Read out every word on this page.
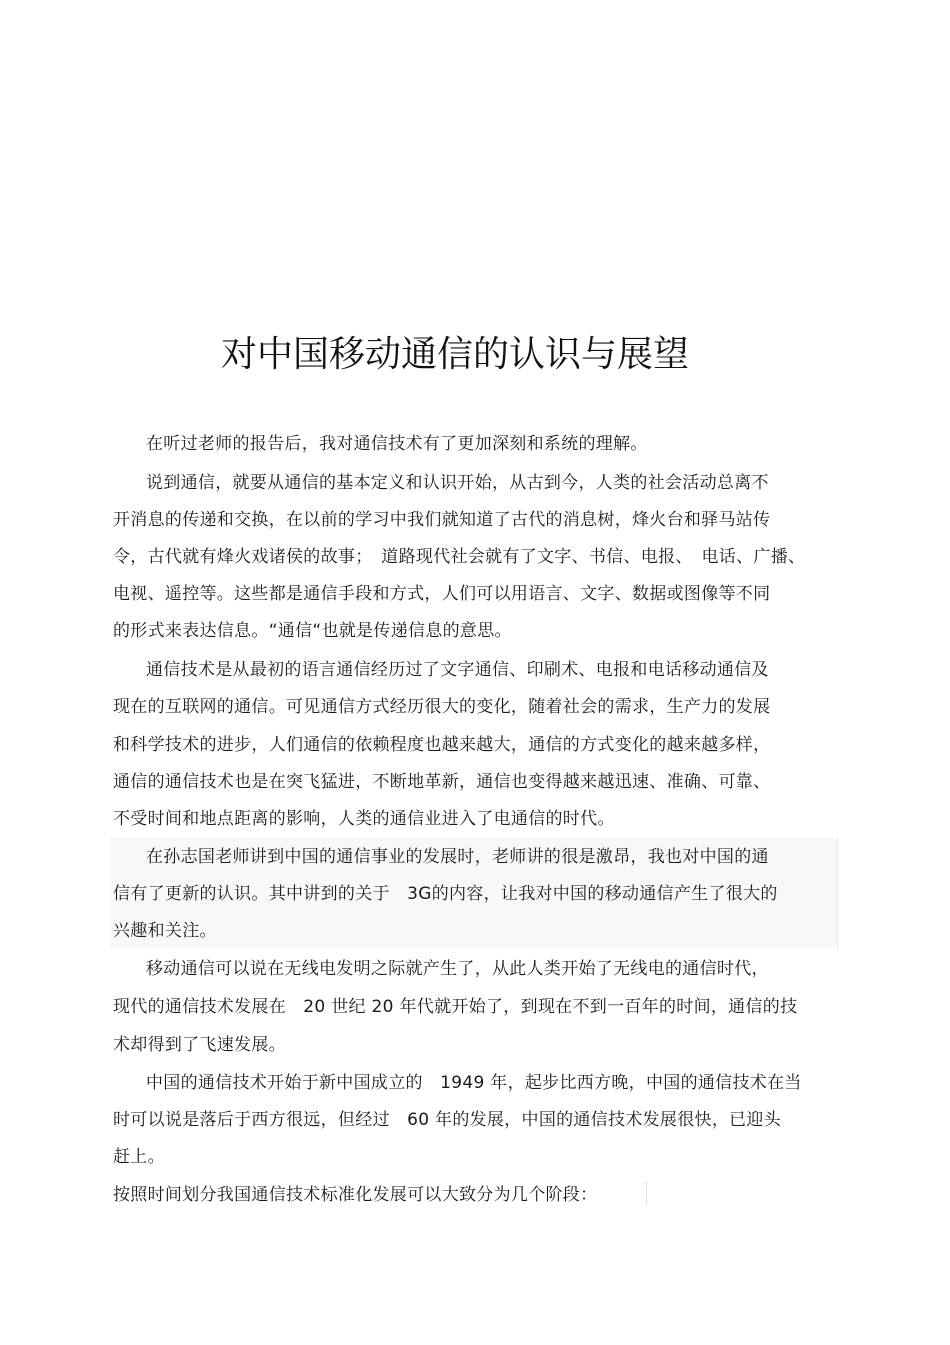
对中国移动通信的认识与展望
在听过老师的报告后，我对通信技术有了更加深刻和系统的理解。
说到通信，就要从通信的基本定义和认识开始，从古到今，人类的社会活动总离不
开消息的传递和交换，在以前的学习中我们就知道了古代的消息树，烽火台和驿马站传
令，古代就有烽火戏诸侯的故事；　道路现代社会就有了文字、书信、电报、　电话、广播、
电视、遥控等。这些都是通信手段和方式，人们可以用语言、文字、数据或图像等不同
的形式来表达信息。“通信“也就是传递信息的意思。
通信技术是从最初的语言通信经历过了文字通信、印刷术、电报和电话移动通信及
现在的互联网的通信。可见通信方式经历很大的变化，随着社会的需求，生产力的发展
和科学技术的进步，人们通信的依赖程度也越来越大，通信的方式变化的越来越多样，
通信的通信技术也是在突飞猛进，不断地革新，通信也变得越来越迅速、准确、可靠、
不受时间和地点距离的影响，人类的通信业进入了电通信的时代。
在孙志国老师讲到中国的通信事业的发展时，老师讲的很是激昂，我也对中国的通
信有了更新的认识。其中讲到的关于　3G的内容，让我对中国的移动通信产生了很大的
兴趣和关注。
移动通信可以说在无线电发明之际就产生了，从此人类开始了无线电的通信时代，
现代的通信技术发展在　20 世纪 20 年代就开始了，到现在不到一百年的时间，通信的技
术却得到了飞速发展。
中国的通信技术开始于新中国成立的　1949 年，起步比西方晚，中国的通信技术在当
时可以说是落后于西方很远，但经过　60 年的发展，中国的通信技术发展很快，已迎头
赶上。
按照时间划分我国通信技术标准化发展可以大致分为几个阶段：
